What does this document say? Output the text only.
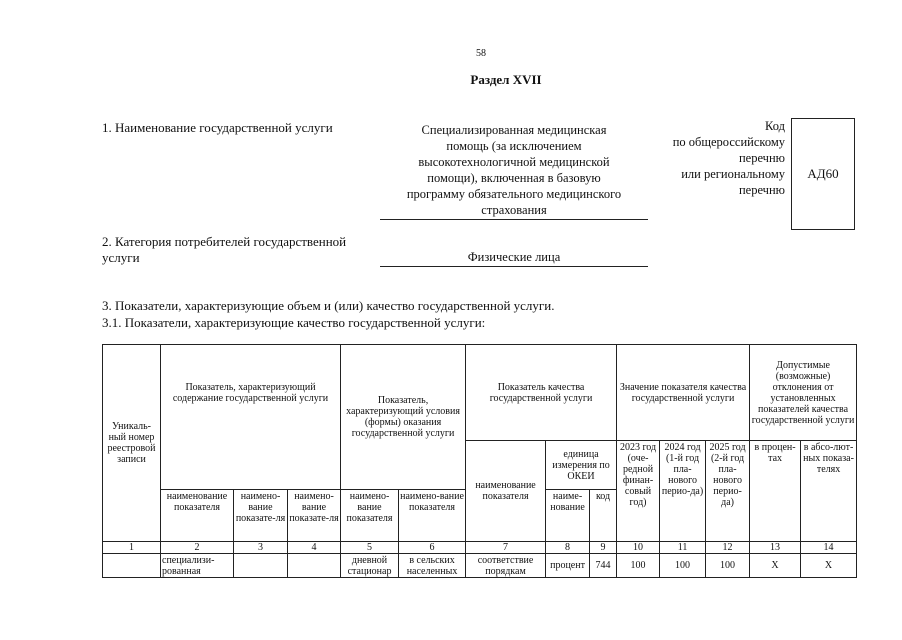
58
Раздел XVII
1. Наименование государственной услуги	Специализированная медицинская
помощь (за исключением
высокотехнологичной медицинской
помощи), включенная в базовую
программу обязательного медицинского
страхования
Код
по общероссийскому
перечню
или региональному
перечню
АД60
2. Категория потребителей государственной
услуги	Физические лица
3. Показатели, характеризующие объем и (или) качество государственной услуги.
3.1. Показатели, характеризующие качество государственной услуги:
Уникаль-ный номер реестровой записи	Показатель, характеризующий содержание государственной услуги			Показатель, характеризующий условия (формы) оказания государственной услуги		Показатель качества государственной услуги			Значение показателя качества государственной услуги			Допустимые (возможные) отклонения от установленных показателей качества государственной услуги	
						наименование показателя	единица измерения по ОКЕИ		2023 год (оче-редной финан-совый год)	2024 год (1-й год пла-нового перио-да)	2025 год (2-й год пла-нового перио-да)	в процен-тах	в абсо-лют-ных показа-телях
	наименование показателя	наимено-вание показате-ля	наимено-вание показате-ля	наимено-вание показателя	наимено-вание показателя		наиме-нование	код					
1	2	3	4	5	6	7	8	9	10	11	12	13	14
	специализи-рованная			дневной стационар	в сельских населенных	соответствие порядкам	процент	744	100	100	100	Х	Х
